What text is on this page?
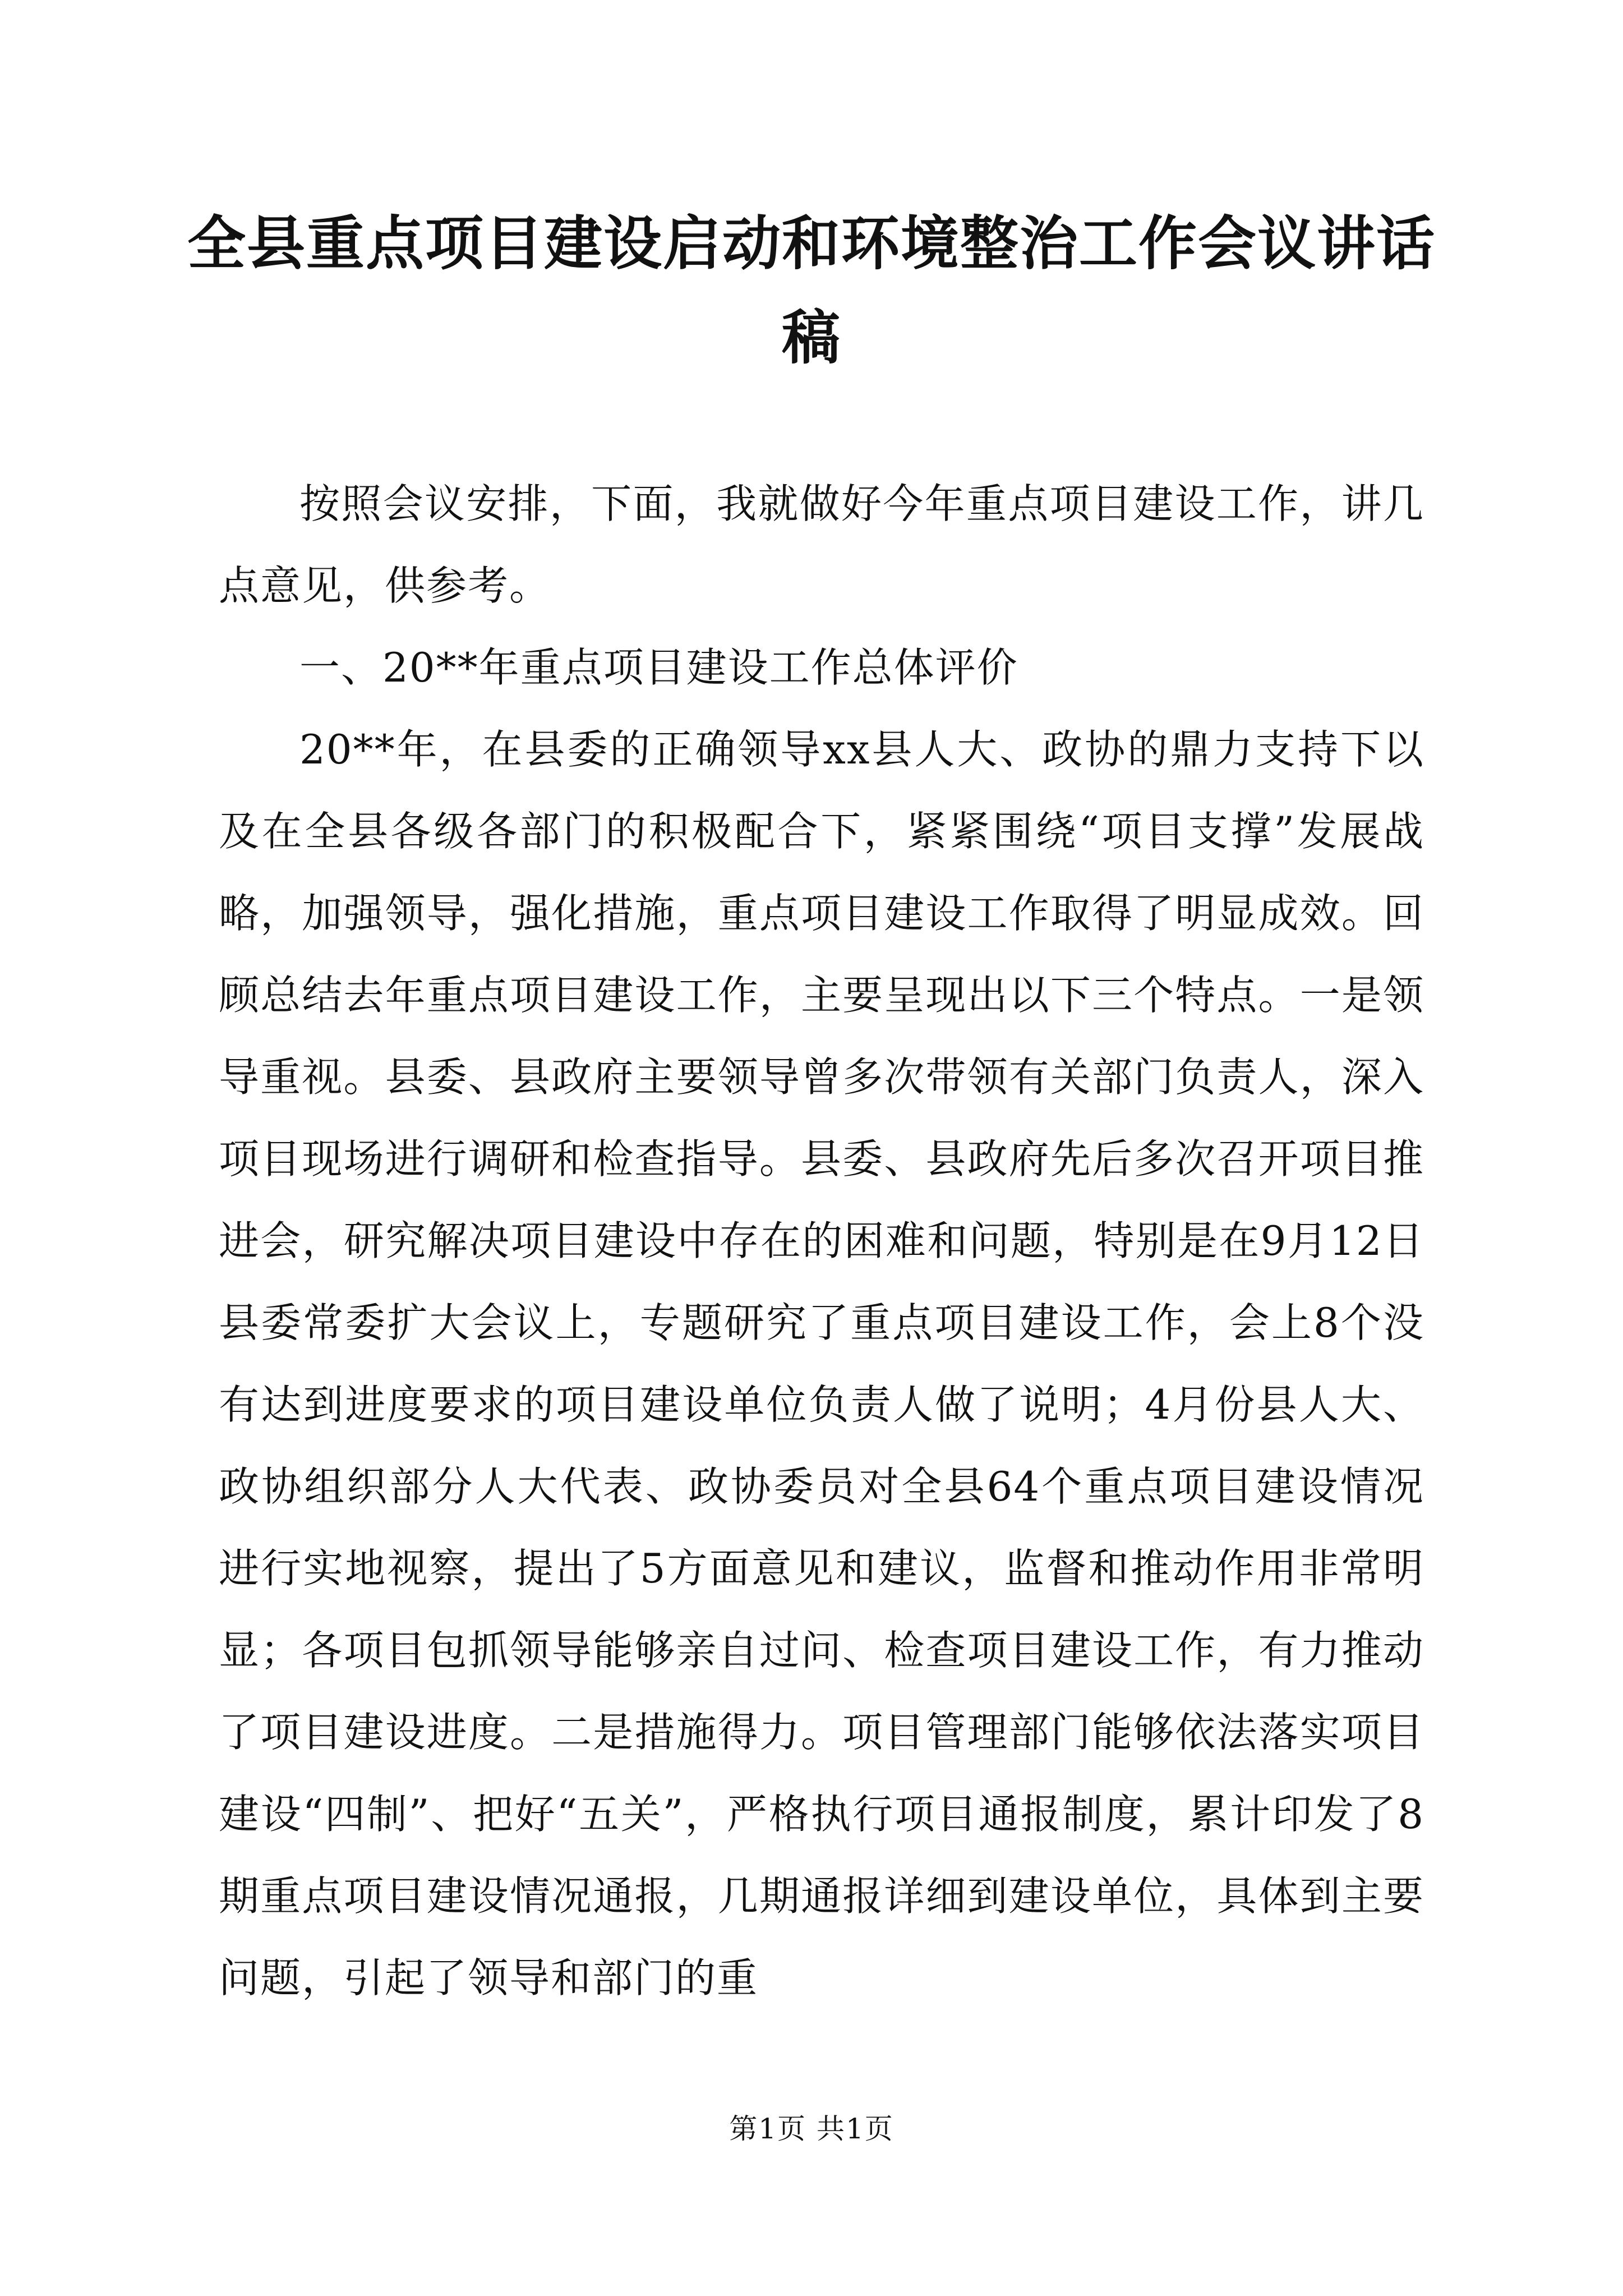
全县重点项目建设启动和环境整治工作会议讲话稿

按照会议安排，下面，我就做好今年重点项目建设工作，讲几点意见，供参考。

一、20**年重点项目建设工作总体评价

20**年，在县委的正确领导xx县人大、政协的鼎力支持下以及在全县各级各部门的积极配合下，紧紧围绕“项目支撑”发展战略，加强领导，强化措施，重点项目建设工作取得了明显成效。回顾总结去年重点项目建设工作，主要呈现出以下三个特点。一是领导重视。县委、县政府主要领导曾多次带领有关部门负责人，深入项目现场进行调研和检查指导。县委、县政府先后多次召开项目推进会，研究解决项目建设中存在的困难和问题，特别是在9月12日县委常委扩大会议上，专题研究了重点项目建设工作，会上8个没有达到进度要求的项目建设单位负责人做了说明；4月份县人大、政协组织部分人大代表、政协委员对全县64个重点项目建设情况进行实地视察，提出了5方面意见和建议，监督和推动作用非常明显；各项目包抓领导能够亲自过问、检查项目建设工作，有力推动了项目建设进度。二是措施得力。项目管理部门能够依法落实项目建设“四制”、把好“五关”，严格执行项目通报制度，累计印发了8期重点项目建设情况通报，几期通报详细到建设单位，具体到主要问题，引起了领导和部门的重

第1页 共1页
